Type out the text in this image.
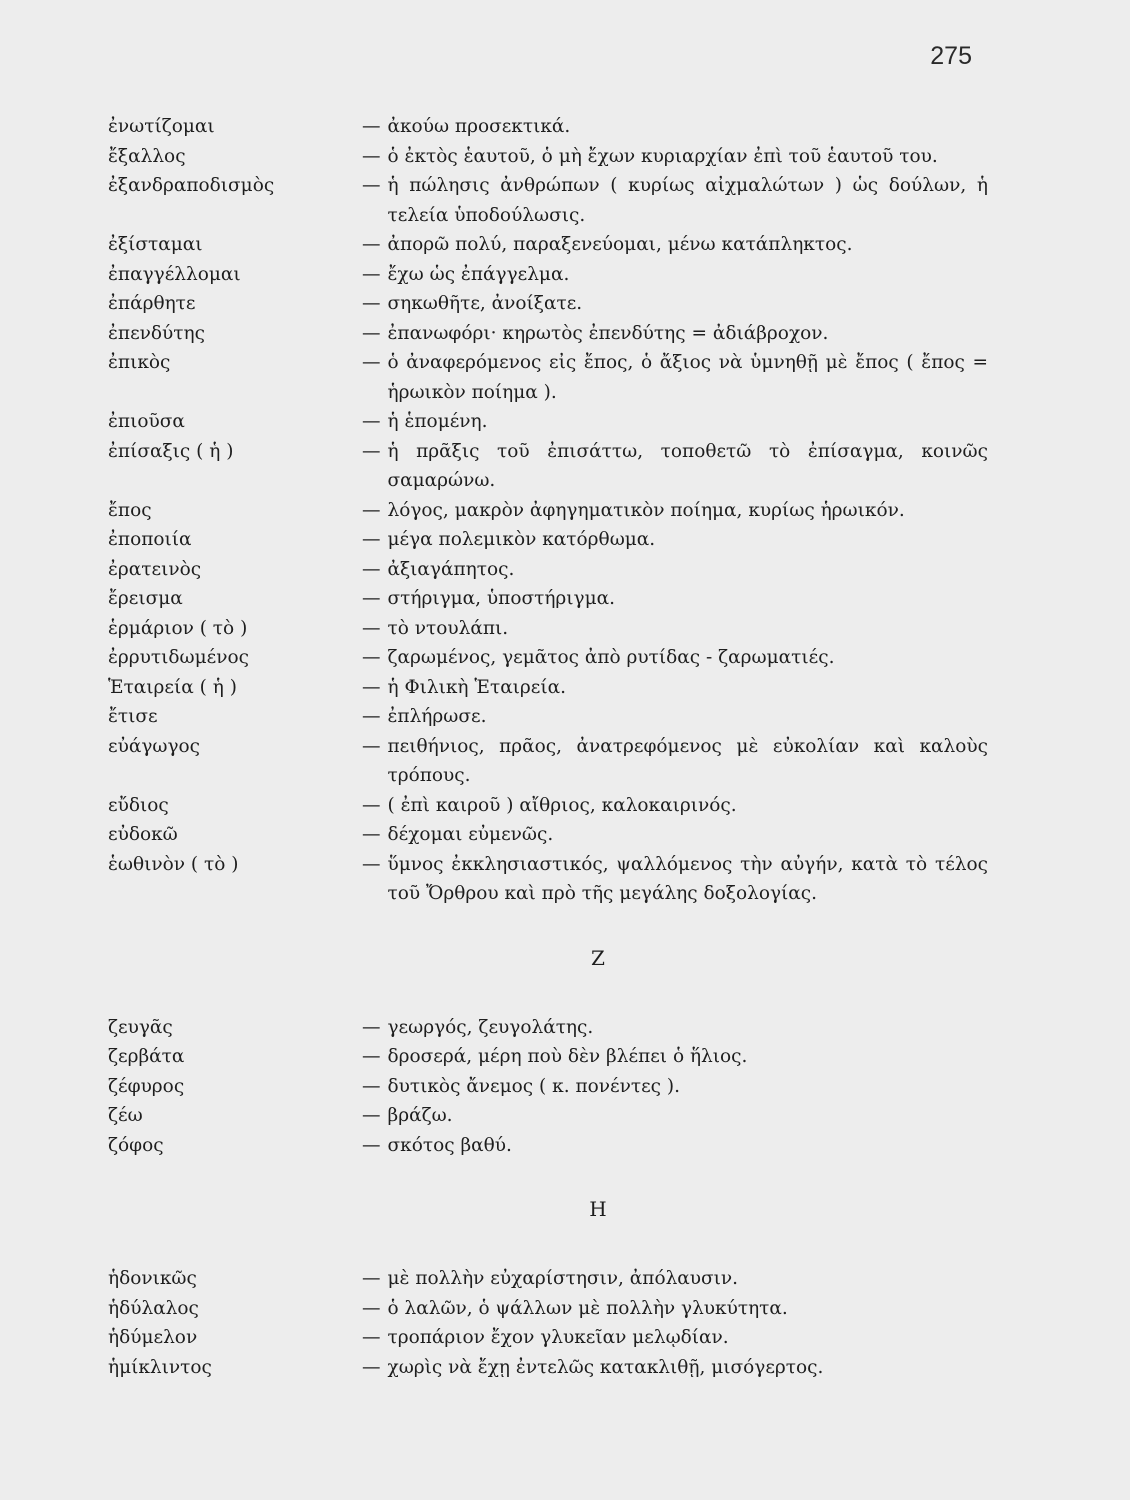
275
ἐνωτίζομαι	— ἀκούω προσεκτικά.
ἔξαλλος	— ὁ ἐκτὸς ἑαυτοῦ, ὁ μὴ ἔχων κυριαρχίαν ἐπὶ τοῦ ἑαυτοῦ του.
ἐξανδραποδισμὸς	— ἡ πώλησις ἀνθρώπων ( κυρίως αἰχμαλώτων ) ὡς δούλων, ἡ τελεία ὑποδούλωσις.
ἐξίσταμαι	— ἀπορῶ πολύ, παραξενεύομαι, μένω κατάπληκτος.
ἐπαγγέλλομαι	— ἔχω ὡς ἐπάγγελμα.
ἐπάρθητε	— σηκωθῆτε, ἀνοίξατε.
ἐπενδύτης	— ἐπανωφόρι· κηρωτὸς ἐπενδύτης = ἀδιάβροχον.
ἐπικὸς	— ὁ ἀναφερόμενος εἰς ἔπος, ὁ ἄξιος νὰ ὑμνηθῇ μὲ ἔπος ( ἔπος = ἡρωικὸν ποίημα ).
ἐπιοῦσα	— ἡ ἑπομένη.
ἐπίσαξις ( ἡ )	— ἡ πρᾶξις τοῦ ἐπισάττω, τοποθετῶ τὸ ἐπίσαγμα, κοινῶς σαμαρώνω.
ἔπος	— λόγος, μακρὸν ἀφηγηματικὸν ποίημα, κυρίως ἡρωικόν.
ἐποποιία	— μέγα πολεμικὸν κατόρθωμα.
ἐρατεινὸς	— ἀξιαγάπητος.
ἔρεισμα	— στήριγμα, ὑποστήριγμα.
ἑρμάριον ( τὸ )	— τὸ ντουλάπι.
ἐρρυτιδωμένος	— ζαρωμένος, γεμᾶτος ἀπὸ ρυτίδας - ζαρωματιές.
Ἑταιρεία ( ἡ )	— ἡ Φιλικὴ Ἑταιρεία.
ἔτισε	— ἐπλήρωσε.
εὐάγωγος	— πειθήνιος, πρᾶος, ἀνατρεφόμενος μὲ εὐκολίαν καὶ καλοὺς τρόπους.
εὔδιος	— ( ἐπὶ καιροῦ ) αἴθριος, καλοκαιρινός.
εὐδοκῶ	— δέχομαι εὐμενῶς.
ἑωθινὸν ( τὸ )	— ὕμνος ἐκκλησιαστικός, ψαλλόμενος τὴν αὐγήν, κατὰ τὸ τέλος τοῦ Ὄρθρου καὶ πρὸ τῆς μεγάλης δοξολογίας.
Ζ
ζευγᾶς	— γεωργός, ζευγολάτης.
ζερβάτα	— δροσερά, μέρη ποὺ δὲν βλέπει ὁ ἥλιος.
ζέφυρος	— δυτικὸς ἄνεμος ( κ. πονέντες ).
ζέω	— βράζω.
ζόφος	— σκότος βαθύ.
Η
ἡδονικῶς	— μὲ πολλὴν εὐχαρίστησιν, ἀπόλαυσιν.
ἡδύλαλος	— ὁ λαλῶν, ὁ ψάλλων μὲ πολλὴν γλυκύτητα.
ἡδύμελον	— τροπάριον ἔχον γλυκεῖαν μελῳδίαν.
ἡμίκλιντος	— χωρὶς νὰ ἔχῃ ἐντελῶς κατακλιθῇ, μισόγερτος.
